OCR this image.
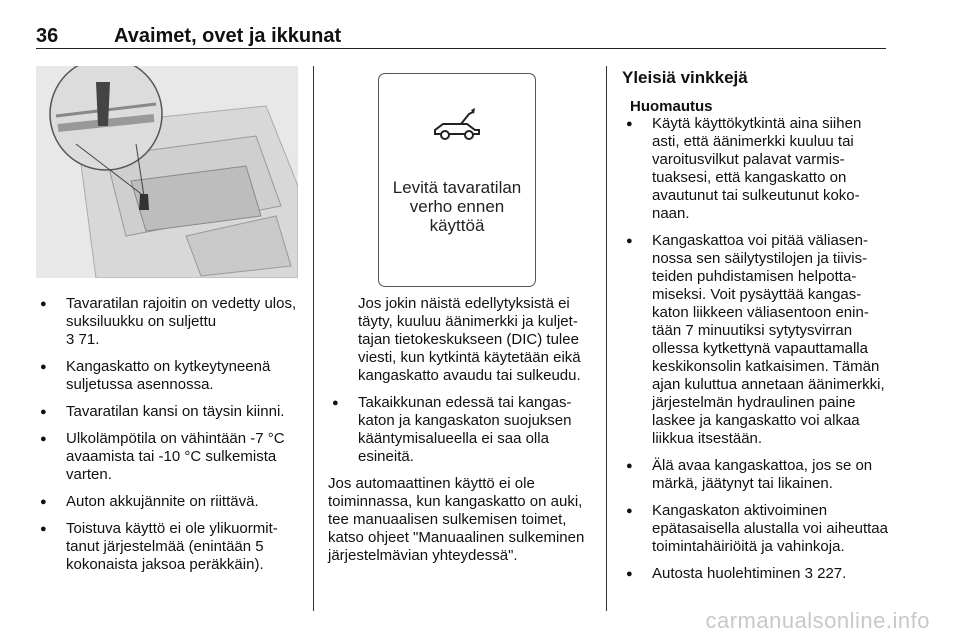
36	Avaimet, ovet ja ikkunat
● Tavaratilan rajoitin on vedetty ulos, suksiluukku on suljettu
3 71.
● Kangaskatto on kytkeytyneenä suljetussa asennossa.
● Tavaratilan kansi on täysin kiinni.
● Ulkolämpötila on vähintään -7 °C avaamista tai -10 °C sulkemista varten.
● Auton akkujännite on riittävä.
● Toistuva käyttö ei ole ylikuormittanut järjestelmää (enintään 5 kokonaista jaksoa peräkkäin).
Levitä tavaratilan verho ennen käyttöä

Jos jokin näistä edellytyksistä ei täyty, kuuluu äänimerkki ja kuljettajan tietokeskukseen (DIC) tulee viesti, kun kytkintä käytetään eikä kangaskatto avaudu tai sulkeudu.

● Takaikkunan edessä tai kangaskaton ja kangaskaton suojuksen kääntymisalueella ei saa olla esineitä.

Jos automaattinen käyttö ei ole toiminnassa, kun kangaskatto on auki, tee manuaalisen sulkemisen toimet, katso ohjeet "Manuaalinen sulkeminen järjestelmävian yhteydessä".

Yleisiä vinkkejä
Huomautus
● Käytä käyttökytkintä aina siihen asti, että äänimerkki kuuluu tai varoitusvilkut palavat varmistuaksesi, että kangaskatto on avautunut tai sulkeutunut kokonaan.
● Kangaskattoa voi pitää väliasennossa sen säilytystilojen ja tiivisteiden puhdistamisen helpottamiseksi. Voit pysäyttää kangaskaton liikkeen väliasentoon enintään 7 minuutiksi sytytysvirran ollessa kytkettynä vapauttamalla keskikonsolin katkaisimen. Tämän ajan kuluttua annetaan äänimerkki, järjestelmän hydraulinen paine laskee ja kangaskatto voi alkaa liikkua itsestään.
● Älä avaa kangaskattoa, jos se on märkä, jäätynyt tai likainen.
● Kangaskaton aktivoiminen epätasaisella alustalla voi aiheuttaa toimintahäiriöitä ja vahinkoja.
● Autosta huolehtiminen 3 227.
carmanualsonline.info
